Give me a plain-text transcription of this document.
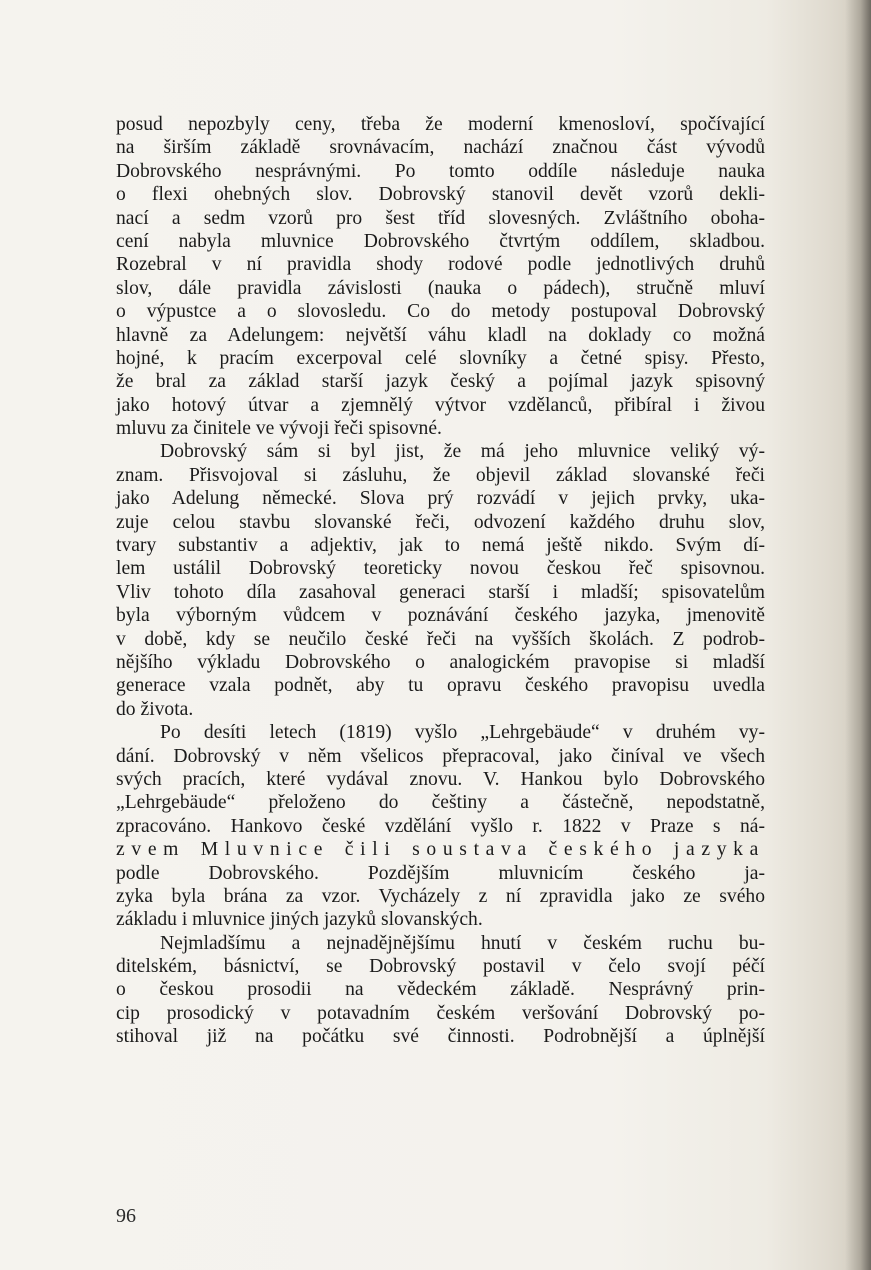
posud nepozbyly ceny, třeba že moderní kmenosloví, spočívající
na širším základě srovnávacím, nachází značnou část vývodů
Dobrovského nesprávnými. Po tomto oddíle následuje nauka
o flexi ohebných slov. Dobrovský stanovil devět vzorů dekli-
nací a sedm vzorů pro šest tříd slovesných. Zvláštního oboha-
cení nabyla mluvnice Dobrovského čtvrtým oddílem, skladbou.
Rozebral v ní pravidla shody rodové podle jednotlivých druhů
slov, dále pravidla závislosti (nauka o pádech), stručně mluví
o výpustce a o slovosledu. Co do metody postupoval Dobrovský
hlavně za Adelungem: největší váhu kladl na doklady co možná
hojné, k pracím excerpoval celé slovníky a četné spisy. Přesto,
že bral za základ starší jazyk český a pojímal jazyk spisovný
jako hotový útvar a zjemnělý výtvor vzdělanců, přibíral i živou
mluvu za činitele ve vývoji řeči spisovné.
Dobrovský sám si byl jist, že má jeho mluvnice veliký vý-
znam. Přisvojoval si zásluhu, že objevil základ slovanské řeči
jako Adelung německé. Slova prý rozvádí v jejich prvky, uka-
zuje celou stavbu slovanské řeči, odvození každého druhu slov,
tvary substantiv a adjektiv, jak to nemá ještě nikdo. Svým dí-
lem ustálil Dobrovský teoreticky novou českou řeč spisovnou.
Vliv tohoto díla zasahoval generaci starší i mladší; spisovatelům
byla výborným vůdcem v poznávání českého jazyka, jmenovitě
v době, kdy se neučilo české řeči na vyšších školách. Z podrob-
nějšího výkladu Dobrovského o analogickém pravopise si mladší
generace vzala podnět, aby tu opravu českého pravopisu uvedla
do života.
Po desíti letech (1819) vyšlo „Lehrgebäude“ v druhém vy-
dání. Dobrovský v něm všelicos přepracoval, jako činíval ve všech
svých pracích, které vydával znovu. V. Hankou bylo Dobrovského
„Lehrgebäude“ přeloženo do češtiny a částečně, nepodstatně,
zpracováno. Hankovo české vzdělání vyšlo r. 1822 v Praze s ná-
zvem Mluvnice čili soustava českého jazyka
podle Dobrovského. Pozdějším mluvnicím českého ja-
zyka byla brána za vzor. Vycházely z ní zpravidla jako ze svého
základu i mluvnice jiných jazyků slovanských.
Nejmladšímu a nejnadějnějšímu hnutí v českém ruchu bu-
ditelském, básnictví, se Dobrovský postavil v čelo svojí péčí
o českou prosodii na vědeckém základě. Nesprávný prin-
cip prosodický v potavadním českém veršování Dobrovský po-
stihoval již na počátku své činnosti. Podrobnější a úplnější
96
